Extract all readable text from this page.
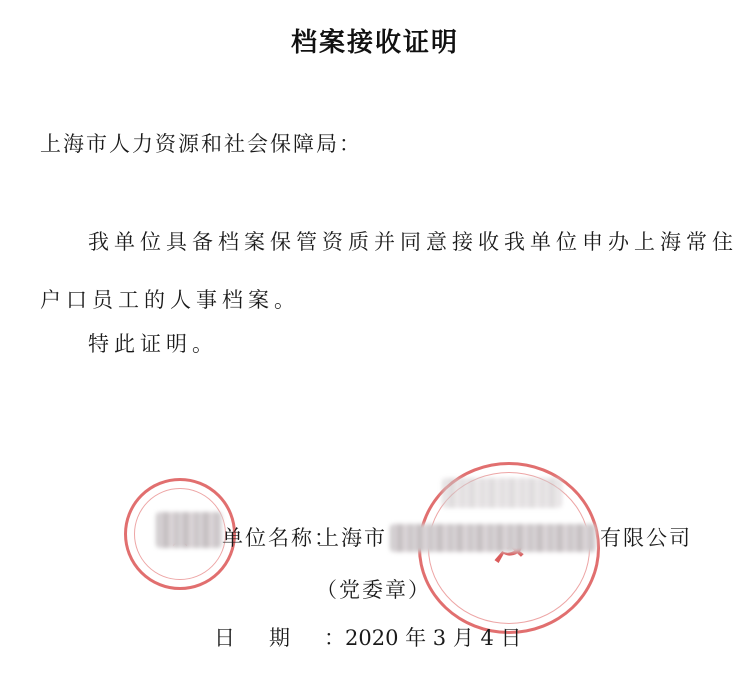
档案接收证明
上海市人力资源和社会保障局：
我单位具备档案保管资质并同意接收我单位申办上海常住
户口员工的人事档案。
特此证明。
单位名称：
上海市	有限公司
（党委章）
日期：2020 年 3 月 4 日
